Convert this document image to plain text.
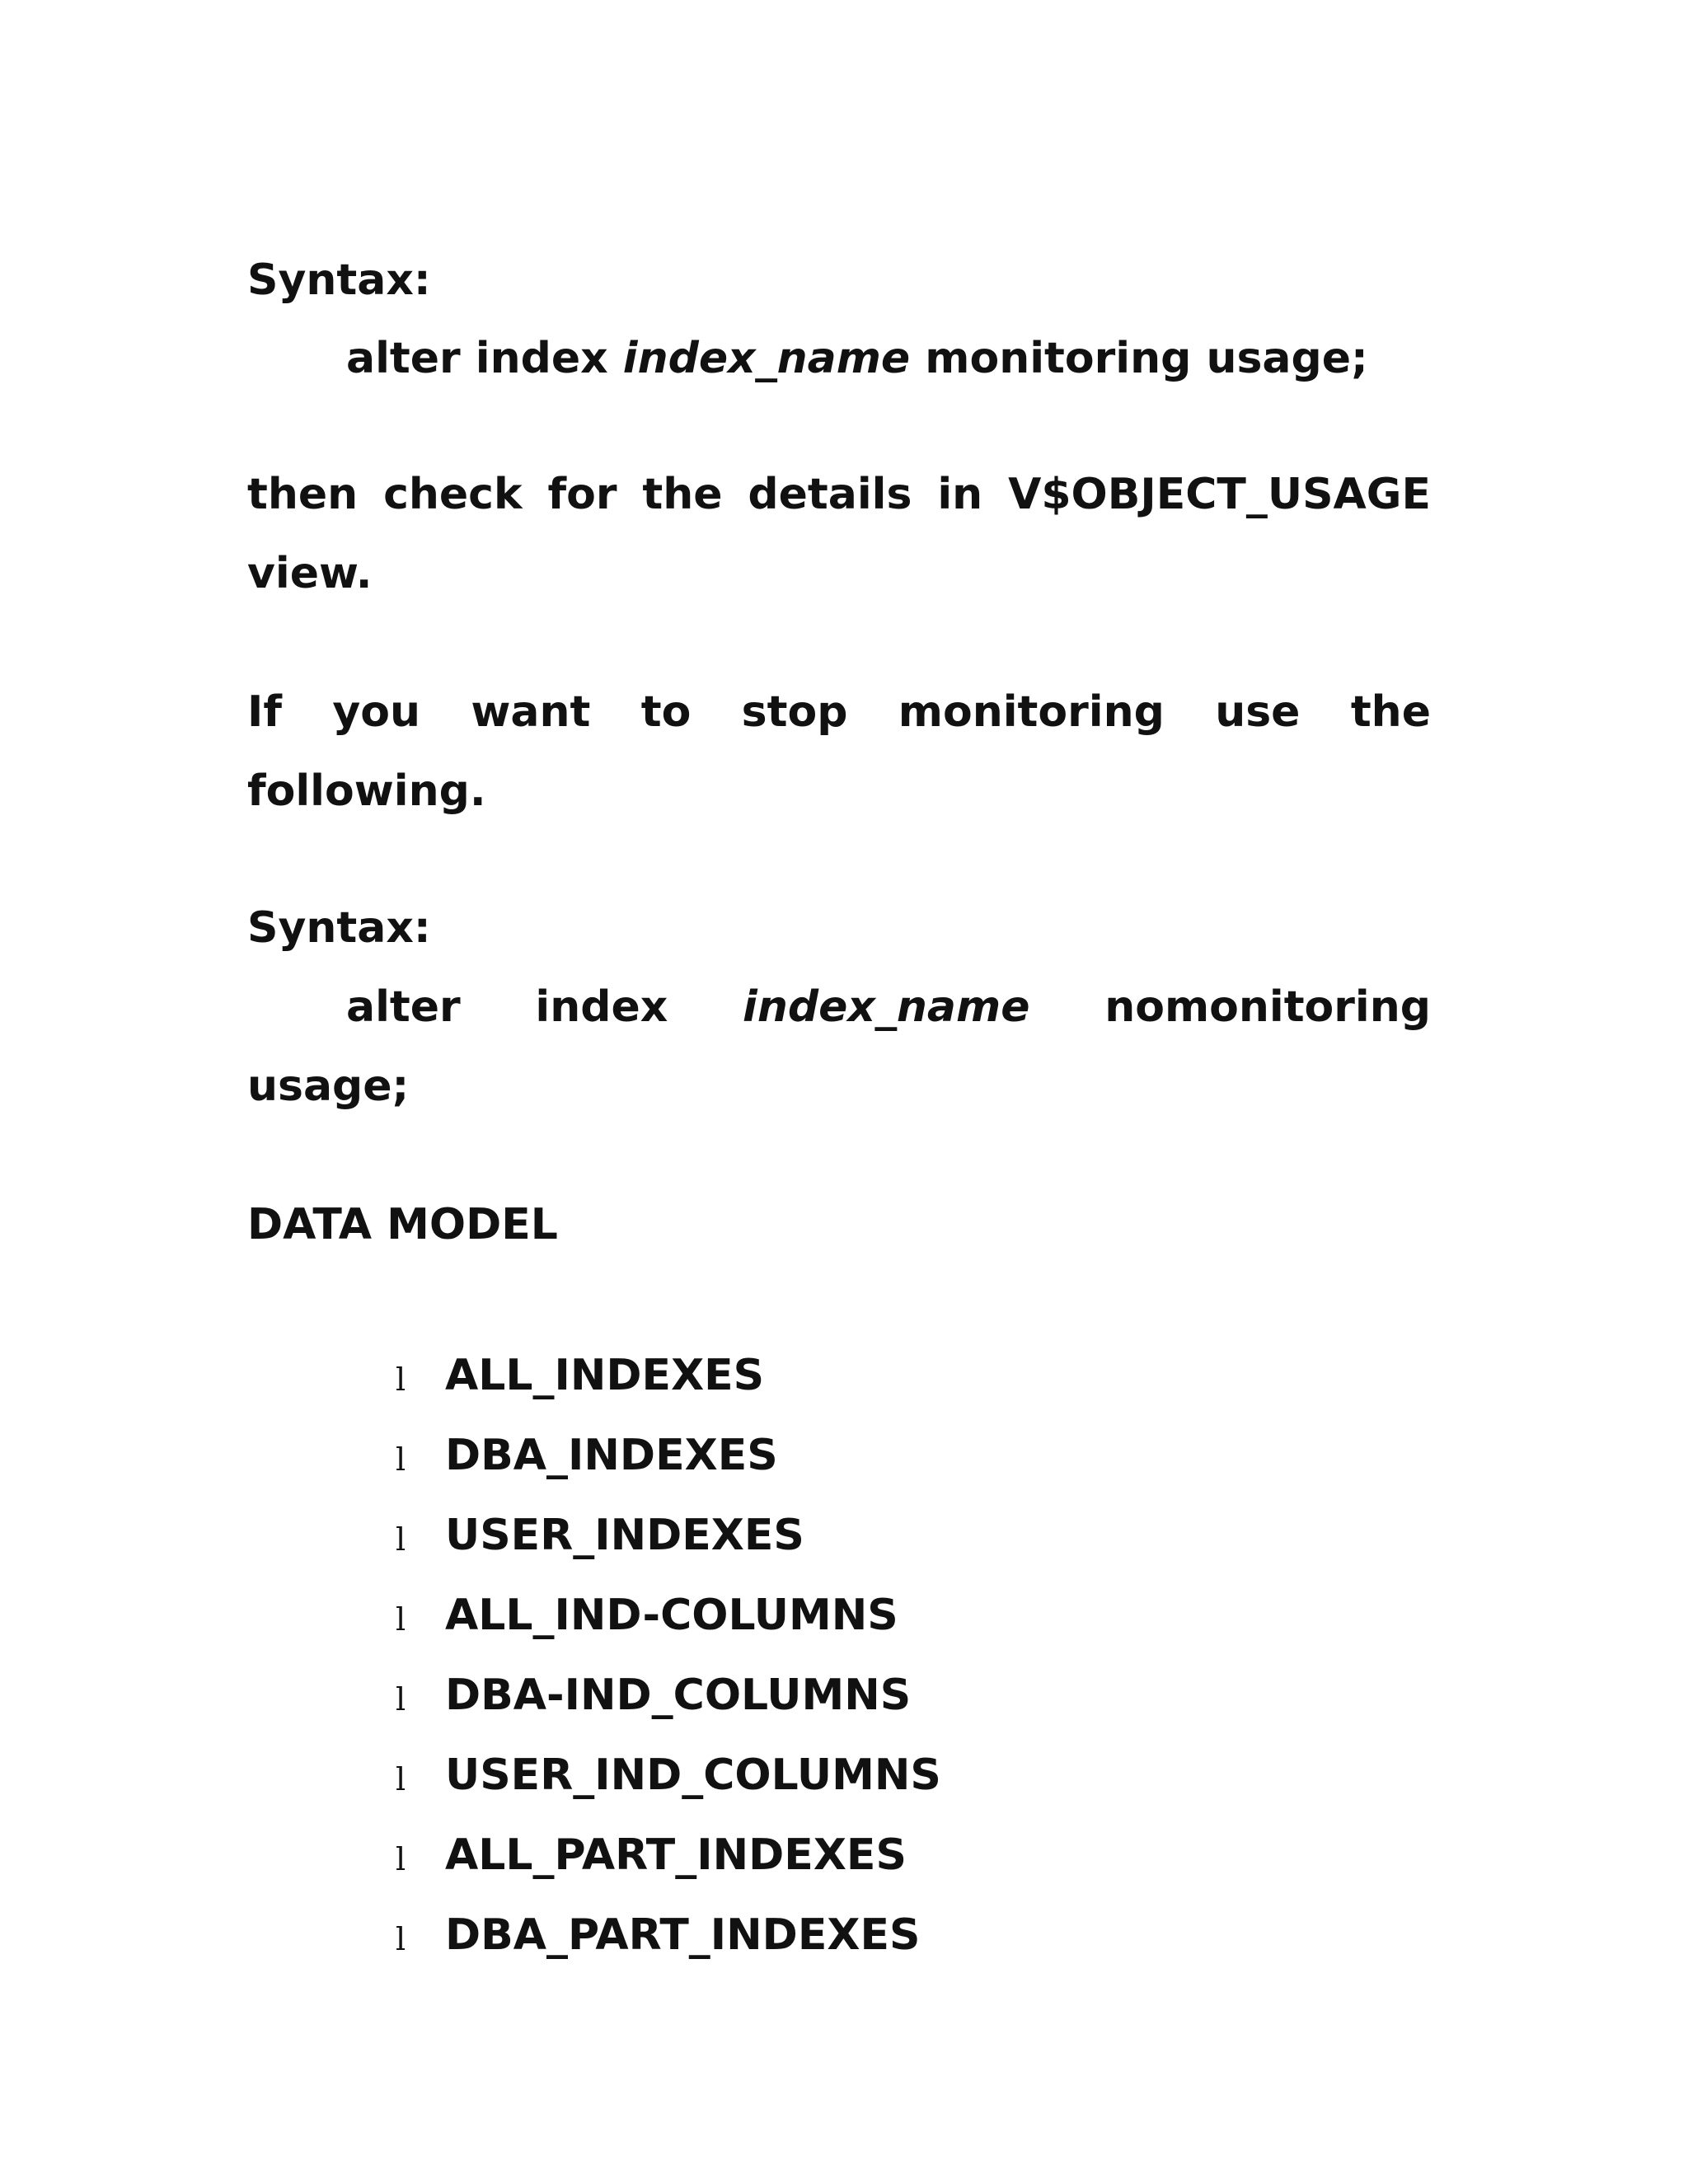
Syntax:
alter index index_name monitoring usage;
then check for the details in V$OBJECT_USAGE
view.
If you want to stop monitoring use the
following.
Syntax:
alter index index_name nomonitoring
usage;
DATA MODEL
l ALL_INDEXES
l DBA_INDEXES
l USER_INDEXES
l ALL_IND-COLUMNS
l DBA-IND_COLUMNS
l USER_IND_COLUMNS
l ALL_PART_INDEXES
l DBA_PART_INDEXES
